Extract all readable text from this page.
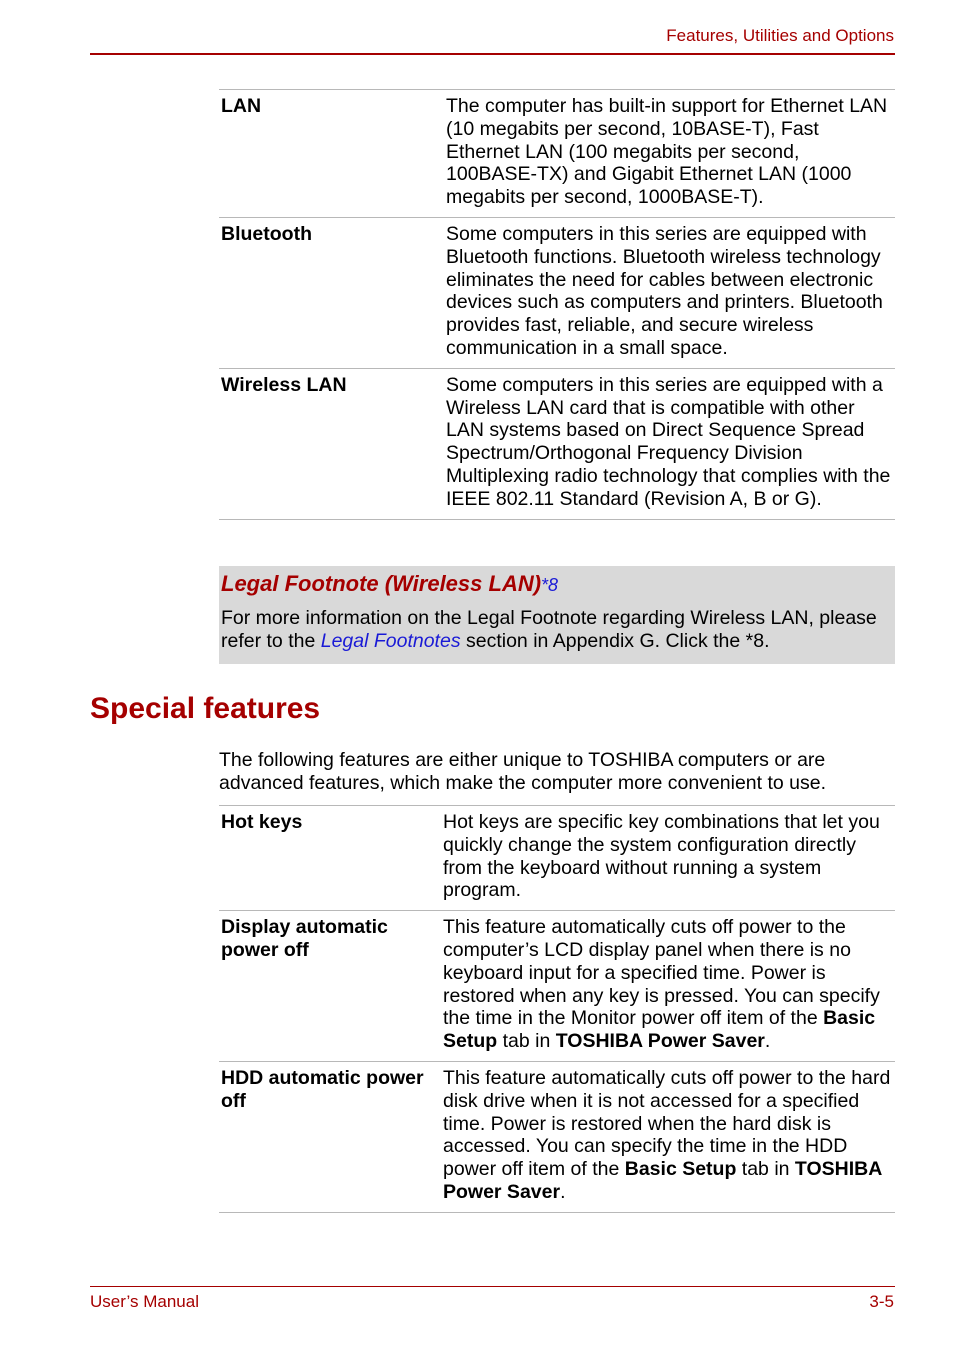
Features, Utilities and Options
LAN	The computer has built-in support for Ethernet LAN (10 megabits per second, 10BASE-T), Fast Ethernet LAN (100 megabits per second, 100BASE-TX) and Gigabit Ethernet LAN (1000 megabits per second, 1000BASE-T).
Bluetooth	Some computers in this series are equipped with Bluetooth functions. Bluetooth wireless technology eliminates the need for cables between electronic devices such as computers and printers. Bluetooth provides fast, reliable, and secure wireless communication in a small space.
Wireless LAN	Some computers in this series are equipped with a Wireless LAN card that is compatible with other LAN systems based on Direct Sequence Spread Spectrum/Orthogonal Frequency Division Multiplexing radio technology that complies with the IEEE 802.11 Standard (Revision A, B or G).
Legal Footnote (Wireless LAN)*8
For more information on the Legal Footnote regarding Wireless LAN, please refer to the Legal Footnotes section in Appendix G. Click the *8.
Special features
The following features are either unique to TOSHIBA computers or are advanced features, which make the computer more convenient to use.
Hot keys	Hot keys are specific key combinations that let you quickly change the system configuration directly from the keyboard without running a system program.
Display automatic power off	This feature automatically cuts off power to the computer’s LCD display panel when there is no keyboard input for a specified time. Power is restored when any key is pressed. You can specify the time in the Monitor power off item of the Basic Setup tab in TOSHIBA Power Saver.
HDD automatic power off	This feature automatically cuts off power to the hard disk drive when it is not accessed for a specified time. Power is restored when the hard disk is accessed. You can specify the time in the HDD power off item of the Basic Setup tab in TOSHIBA Power Saver.
User’s Manual	3-5
